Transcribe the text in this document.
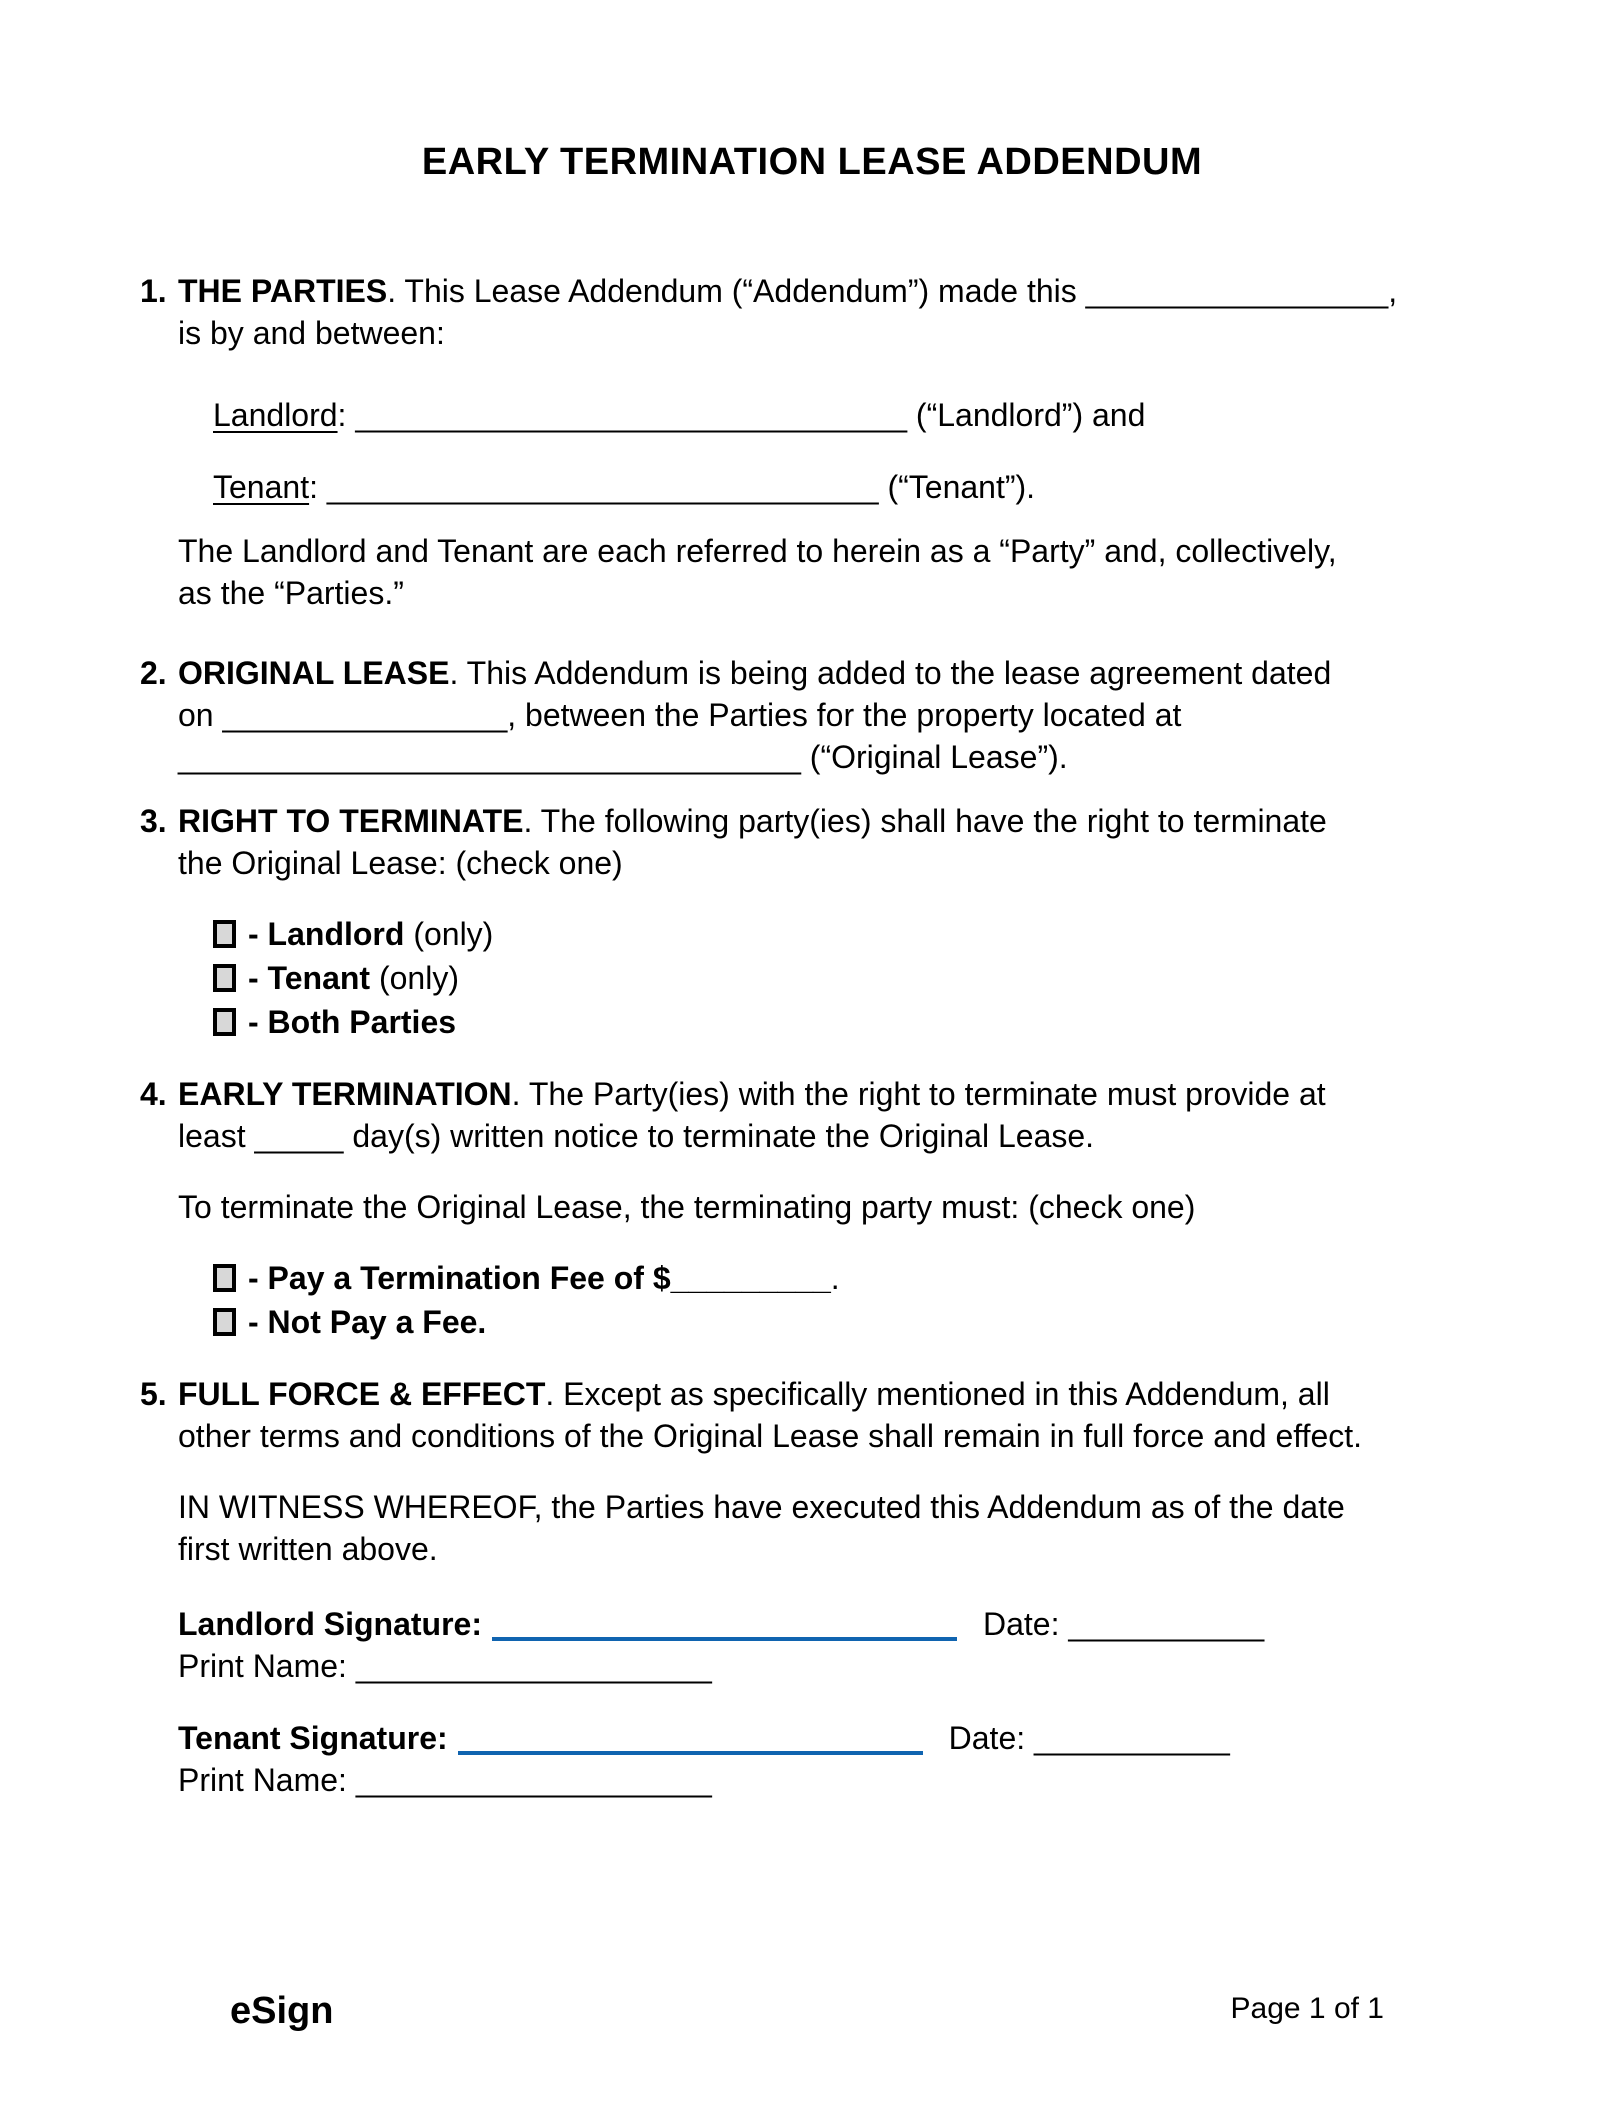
EARLY TERMINATION LEASE ADDENDUM
1. THE PARTIES. This Lease Addendum (“Addendum”) made this _________________,
is by and between:
Landlord: _______________________________ (“Landlord”) and
Tenant: _______________________________ (“Tenant”).
The Landlord and Tenant are each referred to herein as a “Party” and, collectively,
as the “Parties.”
2. ORIGINAL LEASE. This Addendum is being added to the lease agreement dated
on ________________, between the Parties for the property located at
___________________________________ (“Original Lease”).
3. RIGHT TO TERMINATE. The following party(ies) shall have the right to terminate
the Original Lease: (check one)
- Landlord (only)
- Tenant (only)
- Both Parties
4. EARLY TERMINATION. The Party(ies) with the right to terminate must provide at
least _____ day(s) written notice to terminate the Original Lease.
To terminate the Original Lease, the terminating party must: (check one)
- Pay a Termination Fee of $_________.
- Not Pay a Fee.
5. FULL FORCE & EFFECT. Except as specifically mentioned in this Addendum, all
other terms and conditions of the Original Lease shall remain in full force and effect.
IN WITNESS WHEREOF, the Parties have executed this Addendum as of the date
first written above.
Landlord Signature:	Date: ___________
Print Name: ____________________
Tenant Signature:	Date: ___________
Print Name: ____________________
eSign	Page 1 of 1
